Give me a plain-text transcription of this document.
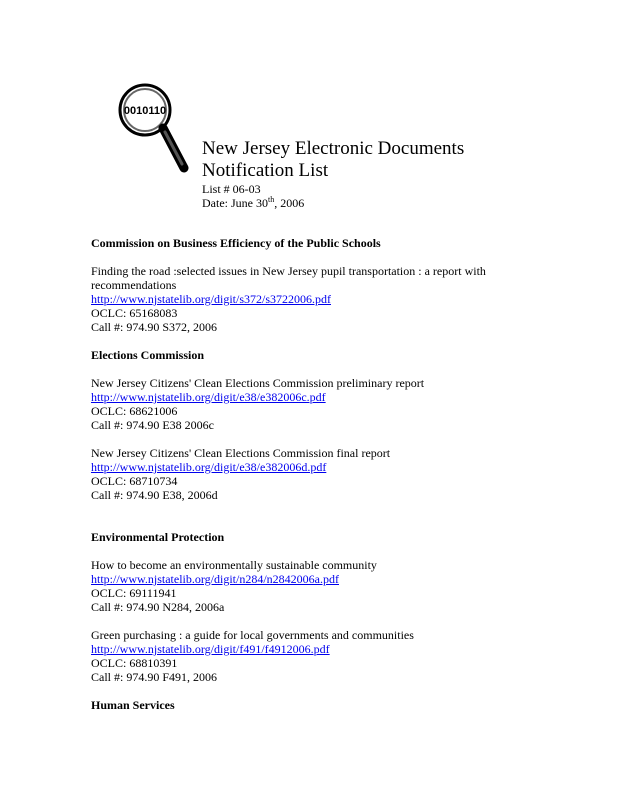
0010110

New Jersey Electronic Documents

Notification List

List # 06-03

Date: June 30th, 2006

Commission on Business Efficiency of the Public Schools

Finding the road :selected issues in New Jersey pupil transportation : a report with recommendations

http://www.njstatelib.org/digit/s372/s3722006.pdf

OCLC: 65168083

Call #: 974.90 S372, 2006

Elections Commission

New Jersey Citizens' Clean Elections Commission preliminary report

http://www.njstatelib.org/digit/e38/e382006c.pdf

OCLC: 68621006

Call #: 974.90 E38 2006c

New Jersey Citizens' Clean Elections Commission final report

http://www.njstatelib.org/digit/e38/e382006d.pdf

OCLC: 68710734

Call #: 974.90 E38, 2006d

Environmental Protection

How to become an environmentally sustainable community

http://www.njstatelib.org/digit/n284/n2842006a.pdf

OCLC: 69111941

Call #: 974.90 N284, 2006a

Green purchasing : a guide for local governments and communities

http://www.njstatelib.org/digit/f491/f4912006.pdf

OCLC: 68810391

Call #: 974.90 F491, 2006

Human Services
